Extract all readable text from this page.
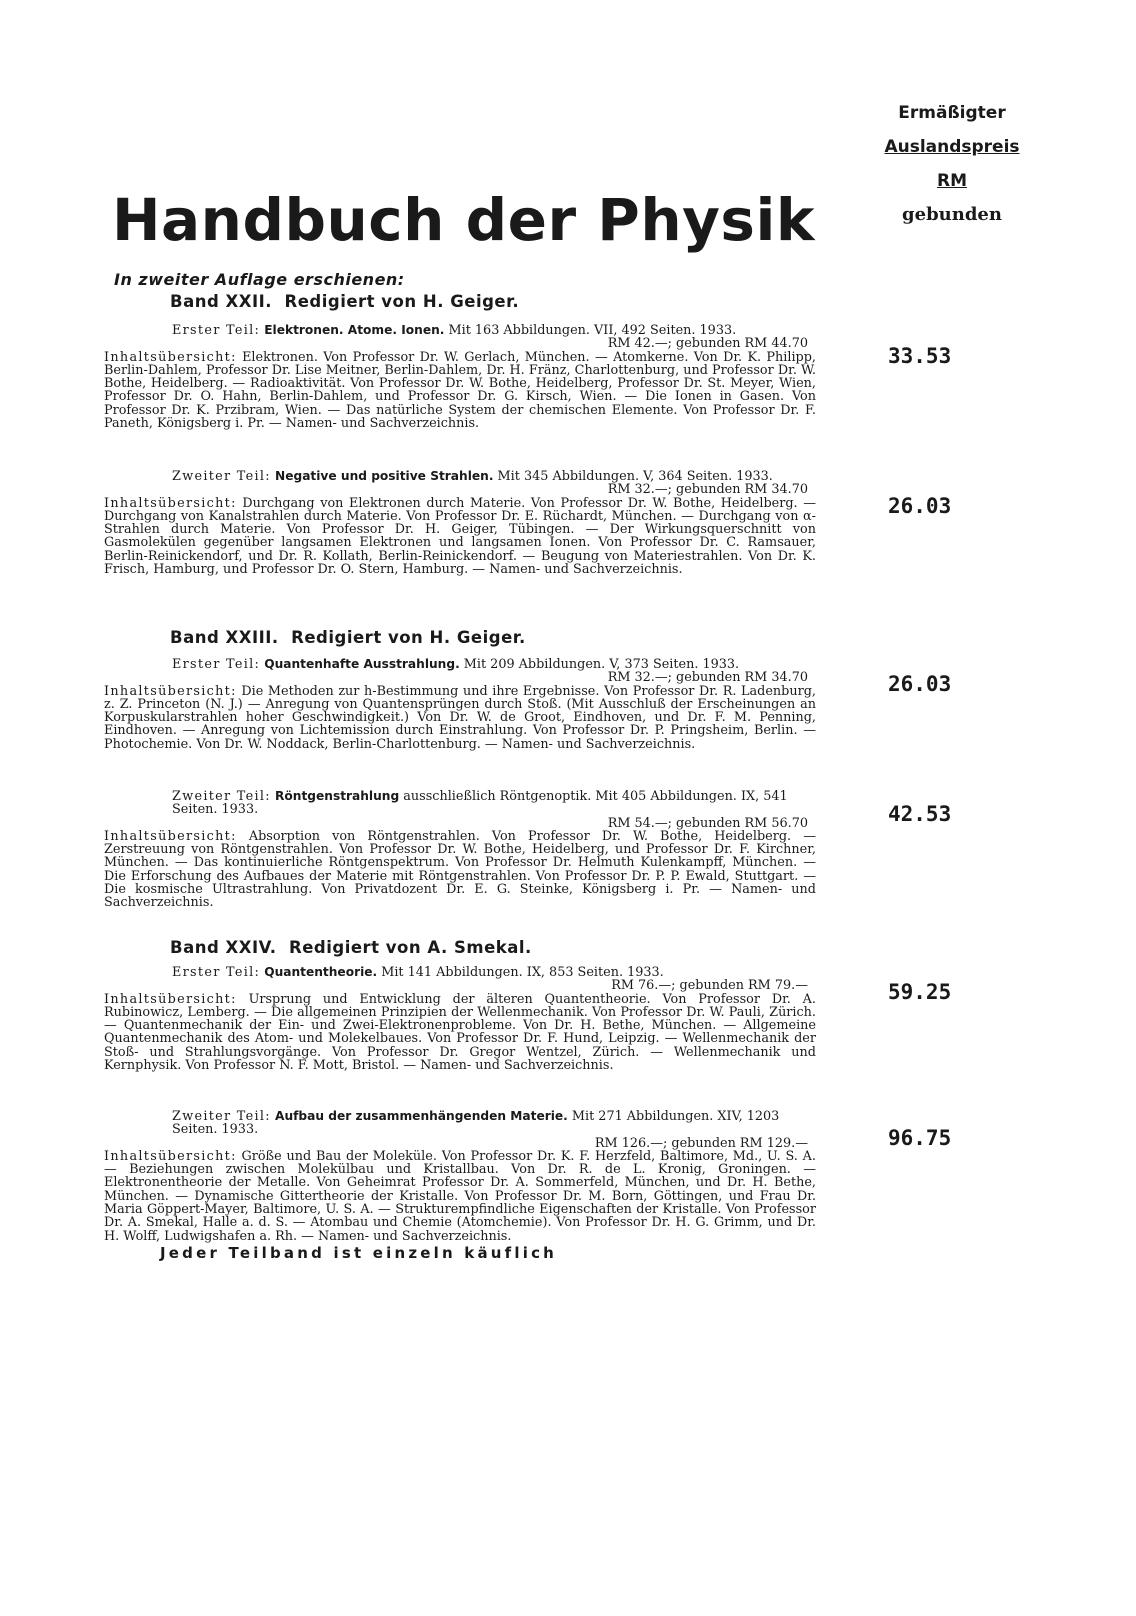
Ermäßigter
Auslandspreis
RM
gebunden
Handbuch der Physik
In zweiter Auflage erschienen:
Band XXII. Redigiert von H. Geiger.
Erster Teil: Elektronen. Atome. Ionen. Mit 163 Abbildungen. VII, 492 Seiten. 1933.
RM 42.—; gebunden RM 44.70
Inhaltsübersicht: Elektronen. Von Professor Dr. W. Gerlach, München. — Atomkerne. Von Dr. K. Philipp, Berlin-Dahlem, Professor Dr. Lise Meitner, Berlin-Dahlem, Dr. H. Fränz, Charlottenburg, und Professor Dr. W. Bothe, Heidelberg. — Radioaktivität. Von Professor Dr. W. Bothe, Heidelberg, Professor Dr. St. Meyer, Wien, Professor Dr. O. Hahn, Berlin-Dahlem, und Professor Dr. G. Kirsch, Wien. — Die Ionen in Gasen. Von Professor Dr. K. Przibram, Wien. — Das natürliche System der chemischen Elemente. Von Professor Dr. F. Paneth, Königsberg i. Pr. — Namen- und Sachverzeichnis.
33.53
Zweiter Teil: Negative und positive Strahlen. Mit 345 Abbildungen. V, 364 Seiten. 1933.
RM 32.—; gebunden RM 34.70
Inhaltsübersicht: Durchgang von Elektronen durch Materie. Von Professor Dr. W. Bothe, Heidelberg. — Durchgang von Kanalstrahlen durch Materie. Von Professor Dr. E. Rüchardt, München. — Durchgang von α-Strahlen durch Materie. Von Professor Dr. H. Geiger, Tübingen. — Der Wirkungsquerschnitt von Gasmolekülen gegenüber langsamen Elektronen und langsamen Ionen. Von Professor Dr. C. Ramsauer, Berlin-Reinickendorf, und Dr. R. Kollath, Berlin-Reinickendorf. — Beugung von Materiestrahlen. Von Dr. K. Frisch, Hamburg, und Professor Dr. O. Stern, Hamburg. — Namen- und Sachverzeichnis.
26.03
Band XXIII. Redigiert von H. Geiger.
Erster Teil: Quantenhafte Ausstrahlung. Mit 209 Abbildungen. V, 373 Seiten. 1933.
RM 32.—; gebunden RM 34.70
Inhaltsübersicht: Die Methoden zur h-Bestimmung und ihre Ergebnisse. Von Professor Dr. R. Ladenburg, z. Z. Princeton (N. J.) — Anregung von Quantensprüngen durch Stoß. (Mit Ausschluß der Erscheinungen an Korpuskularstrahlen hoher Geschwindigkeit.) Von Dr. W. de Groot, Eindhoven, und Dr. F. M. Penning, Eindhoven. — Anregung von Lichtemission durch Einstrahlung. Von Professor Dr. P. Pringsheim, Berlin. — Photochemie. Von Dr. W. Noddack, Berlin-Charlottenburg. — Namen- und Sachverzeichnis.
26.03
Zweiter Teil: Röntgenstrahlung ausschließlich Röntgenoptik. Mit 405 Abbildungen. IX, 541 Seiten. 1933.
RM 54.—; gebunden RM 56.70
Inhaltsübersicht: Absorption von Röntgenstrahlen. Von Professor Dr. W. Bothe, Heidelberg. — Zerstreuung von Röntgenstrahlen. Von Professor Dr. W. Bothe, Heidelberg, und Professor Dr. F. Kirchner, München. — Das kontinuierliche Röntgenspektrum. Von Professor Dr. Helmuth Kulenkampff, München. — Die Erforschung des Aufbaues der Materie mit Röntgenstrahlen. Von Professor Dr. P. P. Ewald, Stuttgart. — Die kosmische Ultrastrahlung. Von Privatdozent Dr. E. G. Steinke, Königsberg i. Pr. — Namen- und Sachverzeichnis.
42.53
Band XXIV. Redigiert von A. Smekal.
Erster Teil: Quantentheorie. Mit 141 Abbildungen. IX, 853 Seiten. 1933.
RM 76.—; gebunden RM 79.—
Inhaltsübersicht: Ursprung und Entwicklung der älteren Quantentheorie. Von Professor Dr. A. Rubinowicz, Lemberg. — Die allgemeinen Prinzipien der Wellenmechanik. Von Professor Dr. W. Pauli, Zürich. — Quantenmechanik der Ein- und Zwei-Elektronenprobleme. Von Dr. H. Bethe, München. — Allgemeine Quantenmechanik des Atom- und Molekelbaues. Von Professor Dr. F. Hund, Leipzig. — Wellenmechanik der Stoß- und Strahlungsvorgänge. Von Professor Dr. Gregor Wentzel, Zürich. — Wellenmechanik und Kernphysik. Von Professor N. F. Mott, Bristol. — Namen- und Sachverzeichnis.
59.25
Zweiter Teil: Aufbau der zusammenhängenden Materie. Mit 271 Abbildungen. XIV, 1203 Seiten. 1933.
RM 126.—; gebunden RM 129.—
Inhaltsübersicht: Größe und Bau der Moleküle. Von Professor Dr. K. F. Herzfeld, Baltimore, Md., U. S. A. — Beziehungen zwischen Molekülbau und Kristallbau. Von Dr. R. de L. Kronig, Groningen. — Elektronentheorie der Metalle. Von Geheimrat Professor Dr. A. Sommerfeld, München, und Dr. H. Bethe, München. — Dynamische Gittertheorie der Kristalle. Von Professor Dr. M. Born, Göttingen, und Frau Dr. Maria Göppert-Mayer, Baltimore, U. S. A. — Strukturempfindliche Eigenschaften der Kristalle. Von Professor Dr. A. Smekal, Halle a. d. S. — Atombau und Chemie (Atomchemie). Von Professor Dr. H. G. Grimm, und Dr. H. Wolff, Ludwigshafen a. Rh. — Namen- und Sachverzeichnis.
96.75
Jeder Teilband ist einzeln käuflich
